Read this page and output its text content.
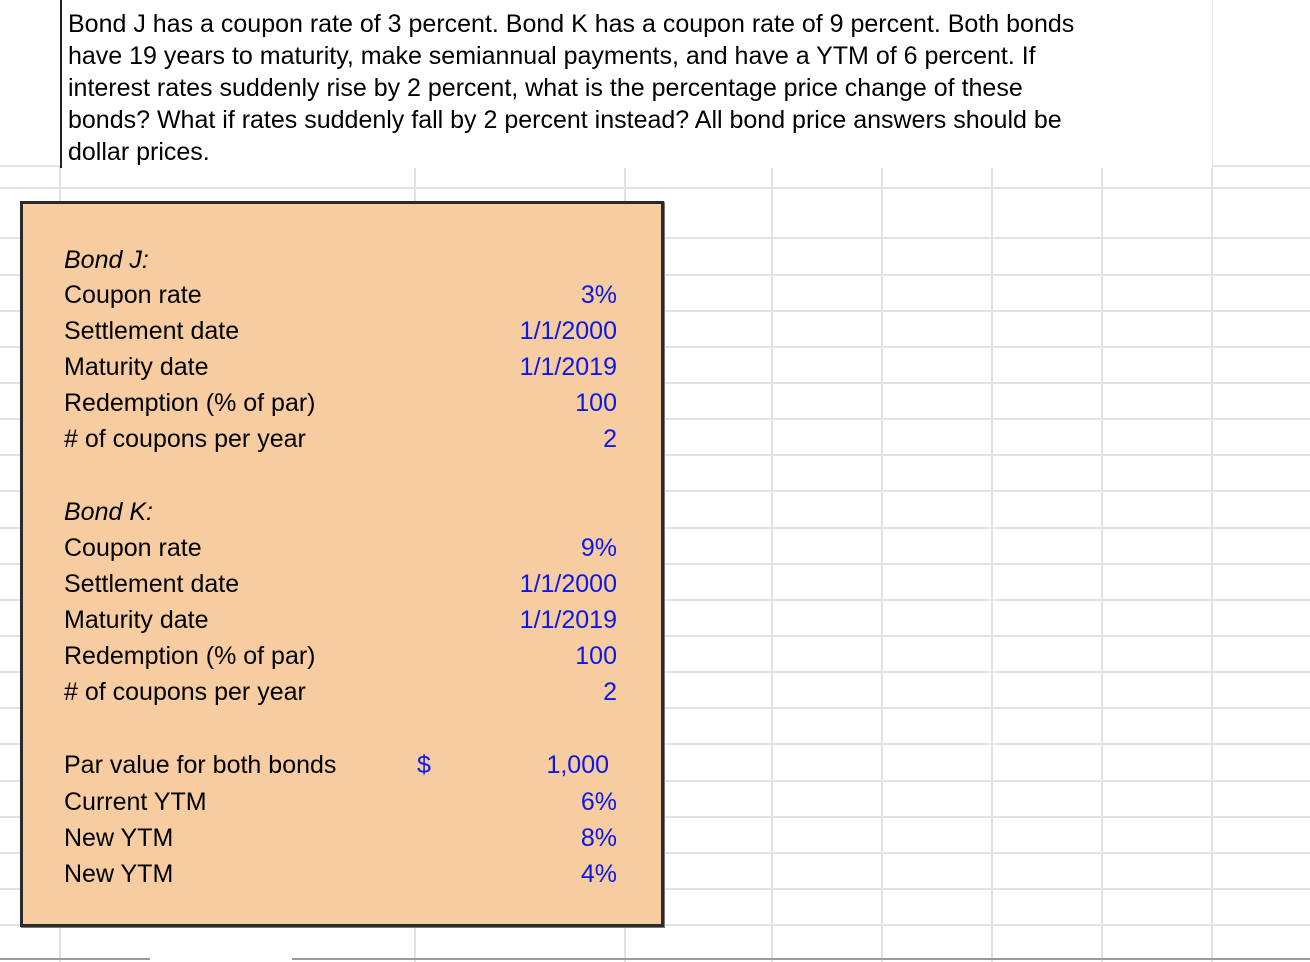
Bond J has a coupon rate of 3 percent. Bond K has a coupon rate of 9 percent. Both bonds
have 19 years to maturity, make semiannual payments, and have a YTM of 6 percent. If
interest rates suddenly rise by 2 percent, what is the percentage price change of these
bonds? What if rates suddenly fall by 2 percent instead? All bond price answers should be
dollar prices.
Bond J:
Coupon rate	3%
Settlement date	1/1/2000
Maturity date	1/1/2019
Redemption (% of par)	100
# of coupons per year	2
Bond K:
Coupon rate	9%
Settlement date	1/1/2000
Maturity date	1/1/2019
Redemption (% of par)	100
# of coupons per year	2
Par value for both bonds	$	1,000
Current YTM	6%
New YTM	8%
New YTM	4%
